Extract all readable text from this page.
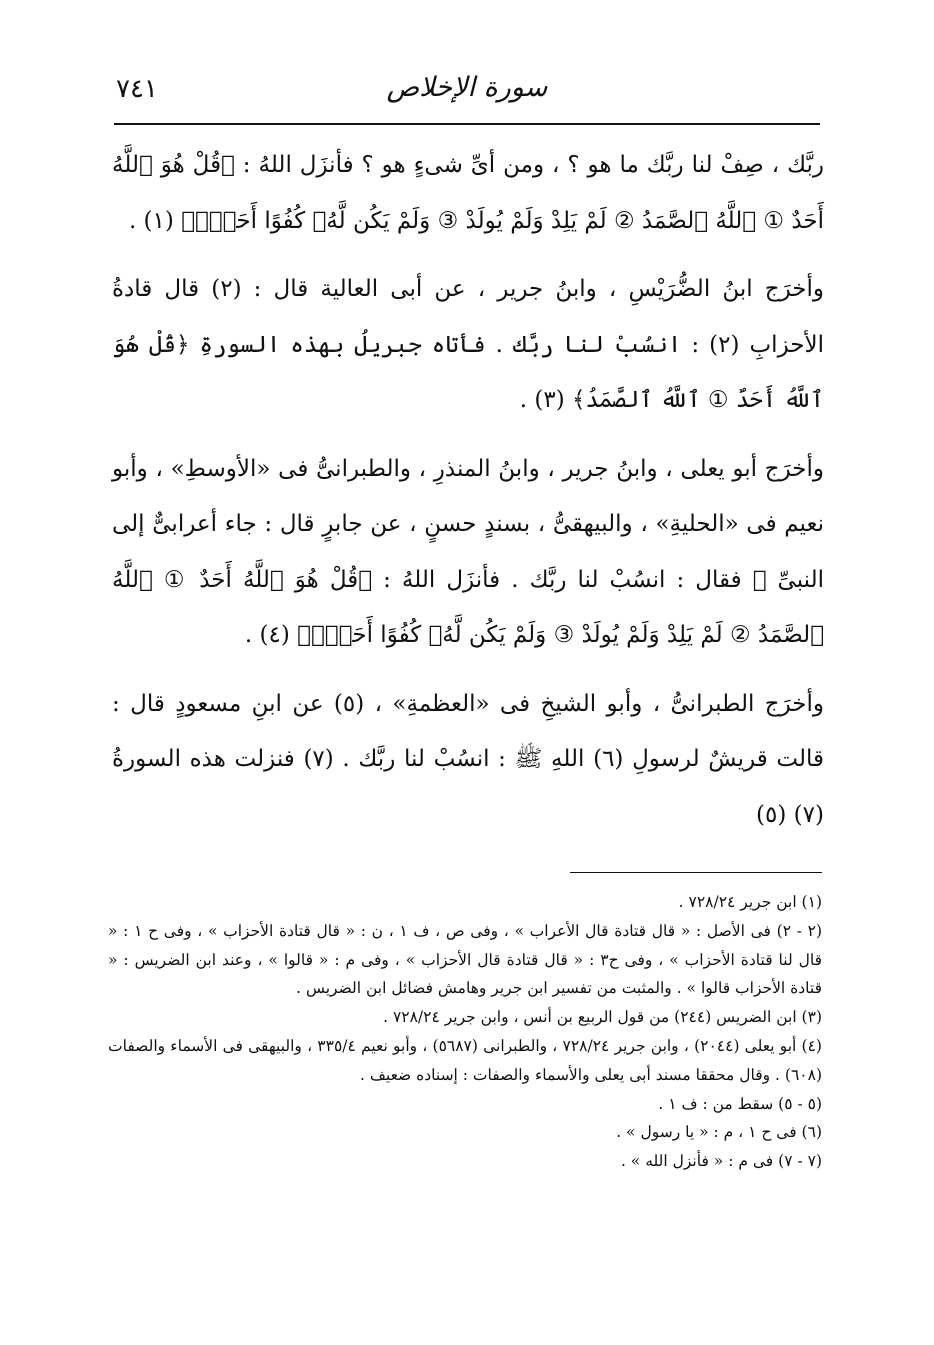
٧٤١	سورة الإخلاص

ربَّك ، صِفْ لنا ربَّك ما هو ؟ ، ومن أىِّ شىءٍ هو ؟ فأنزَل اللهُ : ﴿قُلْ هُوَ ٱللَّهُ أَحَدٌ ① ٱللَّهُ ٱلصَّمَدُ ② لَمْ يَلِدْ وَلَمْ يُولَدْ ③ وَلَمْ يَكُن لَّهُۥ كُفُوًا أَحَدٌۢ﴾ (١) .

وأخرَج ابنُ الضُّرَيْسِ ، وابنُ جرير ، عن أبى العالية قال : (٢) قال قادةُ الأحزابِ (٢) : انسُبْ لنا ربَّك . فأتاه جبريلُ بهذه السورةِ ﴿قُلْ هُوَ ٱللَّهُ أَحَدٌ ① ٱللَّهُ ٱلصَّمَدُ﴾ (٣) .

وأخرَج أبو يعلى ، وابنُ جرير ، وابنُ المنذرِ ، والطبرانىُّ فى «الأوسطِ» ، وأبو نعيم فى «الحليةِ» ، والبيهقىُّ ، بسندٍ حسنٍ ، عن جابرٍ قال : جاء أعرابىٌّ إلى النبىِّ ﷺ فقال : انسُبْ لنا ربَّك . فأنزَل اللهُ : ﴿قُلْ هُوَ ٱللَّهُ أَحَدٌ ① ٱللَّهُ ٱلصَّمَدُ ② لَمْ يَلِدْ وَلَمْ يُولَدْ ③ وَلَمْ يَكُن لَّهُۥ كُفُوًا أَحَدٌۢ﴾ (٤) .

وأخرَج الطبرانىُّ ، وأبو الشيخِ فى «العظمةِ» ، (٥) عن ابنِ مسعودٍ قال : قالت قريشٌ لرسولِ (٦) اللهِ ﷺ : انسُبْ لنا ربَّك . (٧) فنزلت هذه السورةُ (٧) (٥)

(١) ابن جرير ٧٢٨/٢٤ .

(٢ - ٢) فى الأصل : « قال قتادة قال الأعراب » ، وفى ص ، ف ١ ، ن : « قال قتادة الأحزاب » ، وفى ح ١ : « قال لنا قتادة الأحزاب » ، وفى ح٣ : « قال قتادة قال الأحزاب » ، وفى م : « قالوا » ، وعند ابن الضريس : « قتادة الأحزاب قالوا » . والمثبت من تفسير ابن جرير وهامش فضائل ابن الضريس .

(٣) ابن الضريس (٢٤٤) من قول الربيع بن أنس ، وابن جرير ٧٢٨/٢٤ .

(٤) أبو يعلى (٢٠٤٤) ، وابن جرير ٧٢٨/٢٤ ، والطبرانى (٥٦٨٧) ، وأبو نعيم ٣٣٥/٤ ، والبيهقى فى الأسماء والصفات (٦٠٨) . وقال محققا مسند أبى يعلى والأسماء والصفات : إسناده ضعيف .

(٥ - ٥) سقط من : ف ١ .

(٦) فى ح ١ ، م : « يا رسول » .

(٧ - ٧) فى م : « فأنزل الله » .
